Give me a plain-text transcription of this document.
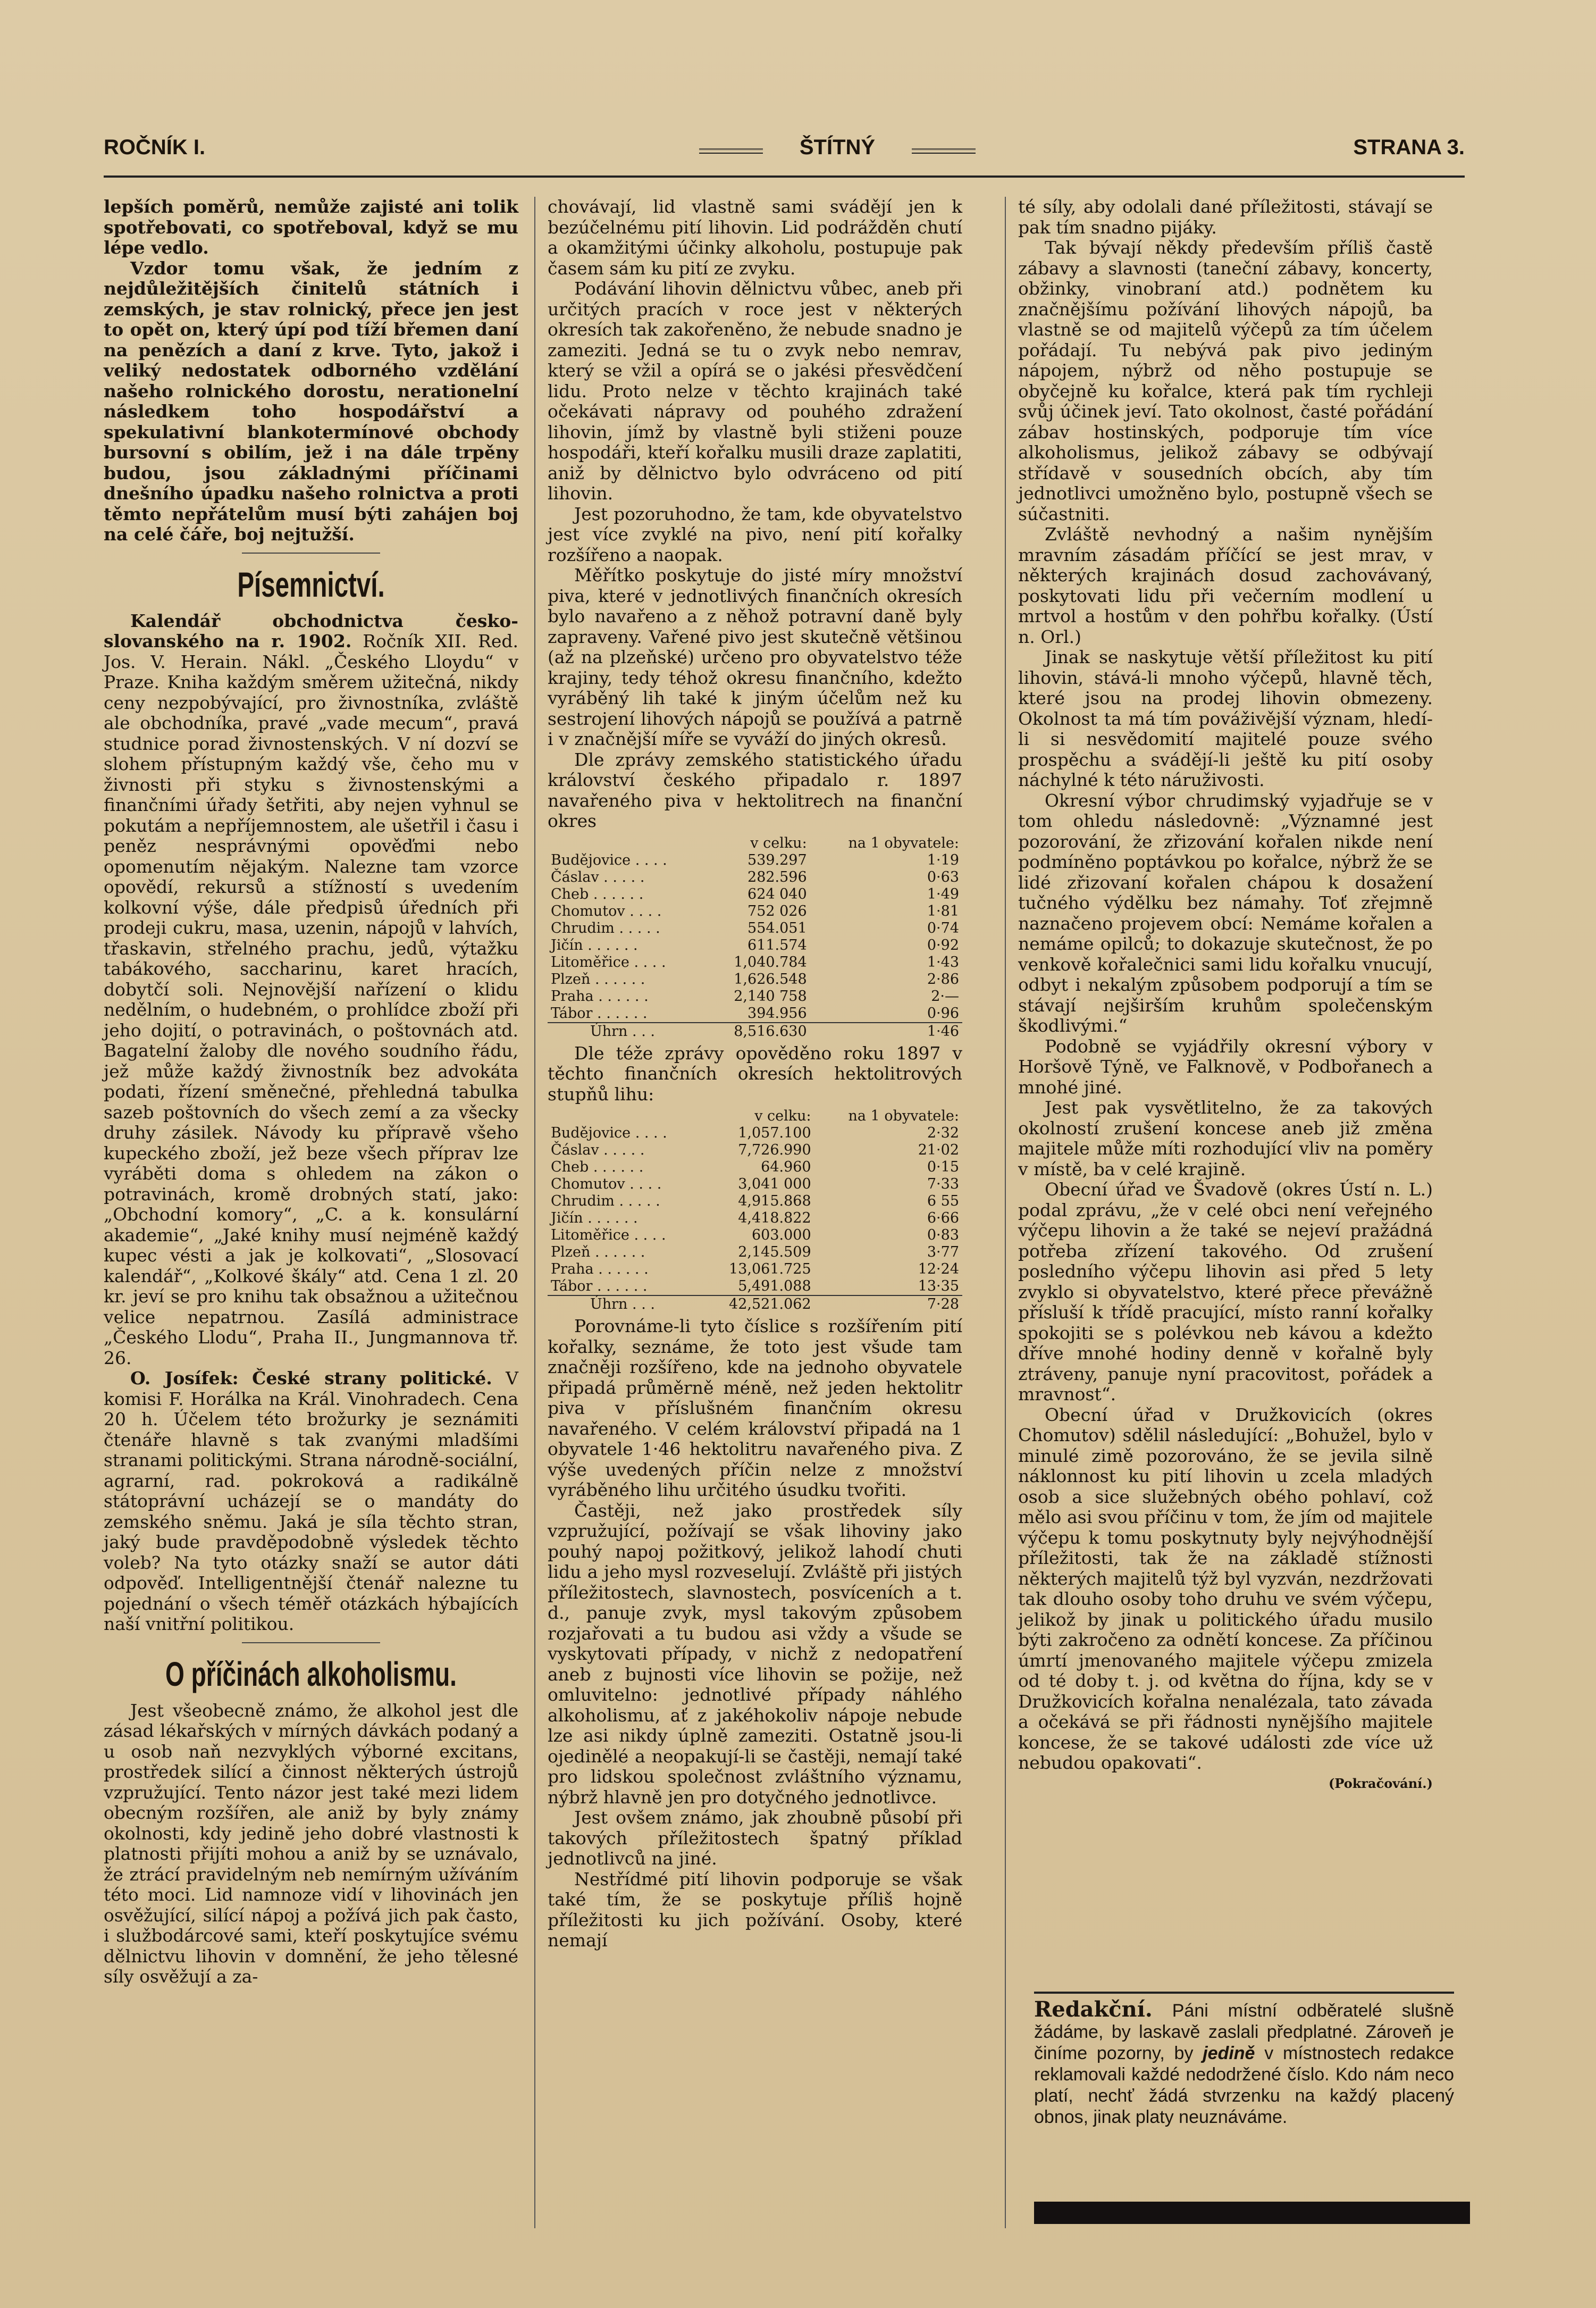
ROČNÍK I.	ŠTÍTNÝ	STRANA 3.

lepších poměrů, nemůže zajisté ani tolik spotřebovati, co spotřeboval, když se mu lépe vedlo.

Vzdor tomu však, že jedním z nejdůležitějších činitelů státních i zemských, je stav rolnický, přece jen jest to opět on, který úpí pod tíží břemen daní na penězích a daní z krve. Tyto, jakož i veliký nedostatek odborného vzdělání našeho rolnického dorostu, nerationelní následkem toho hospodářství a spekulativní blankotermínové obchody bursovní s obilím, jež i na dále trpěny budou, jsou základnými příčinami dnešního úpadku našeho rolnictva a proti těmto nepřátelům musí býti zahájen boj na celé čáře, boj nejtužší.

Písemnictví.

Kalendář obchodnictva česko-slovanského na r. 1902. Ročník XII. Red. Jos. V. Herain. Nákl. „Českého Lloydu“ v Praze. Kniha každým směrem užitečná, nikdy ceny nezpobývající, pro živnostníka, zvláště ale obchodníka, pravé „vade mecum“, pravá studnice porad živnostenských. V ní dozví se slohem přístupným každý vše, čeho mu v živnosti při styku s živnostenskými a finančními úřady šetřiti, aby nejen vyhnul se pokutám a nepříjemnostem, ale ušetřil i času i peněz nesprávnými opověďmi nebo opomenutím nějakým. Nalezne tam vzorce opovědí, rekursů a stížností s uvedením kolkovní výše, dále předpisů úředních při prodeji cukru, masa, uzenin, nápojů v lahvích, třaskavin, střelného prachu, jedů, výtažku tabákového, saccharinu, karet hracích, dobytčí soli. Nejnovější nařízení o klidu nedělním, o hudebném, o prohlídce zboží při jeho dojití, o potravinách, o poštovnách atd. Bagatelní žaloby dle nového soudního řádu, jež může každý živnostník bez advokáta podati, řízení směnečné, přehledná tabulka sazeb poštovních do všech zemí a za všecky druhy zásilek. Návody ku přípravě všeho kupeckého zboží, jež beze všech příprav lze vyráběti doma s ohledem na zákon o potravinách, kromě drobných statí, jako: „Obchodní komory“, „C. a k. konsulární akademie“, „Jaké knihy musí nejméně každý kupec vésti a jak je kolkovati“, „Slosovací kalendář“, „Kolkové škály“ atd. Cena 1 zl. 20 kr. jeví se pro knihu tak obsažnou a užitečnou velice nepatrnou. Zasílá administrace „Českého Llodu“, Praha II., Jungmannova tř. 26.

O. Josífek: České strany politické. V komisi F. Horálka na Král. Vinohradech. Cena 20 h. Účelem této brožurky je seznámiti čtenáře hlavně s tak zvanými mladšími stranami politickými. Strana národně-sociální, agrarní, rad. pokroková a radikálně státoprávní ucházejí se o mandáty do zemského sněmu. Jaká je síla těchto stran, jaký bude pravděpodobně výsledek těchto voleb? Na tyto otázky snaží se autor dáti odpověď. Intelligentnější čtenář nalezne tu pojednání o všech téměř otázkách hýbajících naší vnitřní politikou.

O příčinách alkoholismu.

Jest všeobecně známo, že alkohol jest dle zásad lékařských v mírných dávkách podaný a u osob naň nezvyklých výborné excitans, prostředek silící a činnost některých ústrojů vzpružující. Tento názor jest také mezi lidem obecným rozšířen, ale aniž by byly známy okolnosti, kdy jedině jeho dobré vlastnosti k platnosti přijíti mohou a aniž by se uznávalo, že ztrácí pravidelným neb nemírným užíváním této moci. Lid namnoze vidí v lihovinách jen osvěžující, silící nápoj a požívá jich pak často, i službodárcové sami, kteří poskytujíce svému dělnictvu lihovin v domnění, že jeho tělesné síly osvěžují a za-

chovávají, lid vlastně sami svádějí jen k bezúčelnému pití lihovin. Lid podrážděn chutí a okamžitými účinky alkoholu, postupuje pak časem sám ku pití ze zvyku.

Podávání lihovin dělnictvu vůbec, aneb při určitých pracích v roce jest v některých okresích tak zakořeněno, že nebude snadno je zameziti. Jedná se tu o zvyk nebo nemrav, který se vžil a opírá se o jakési přesvědčení lidu. Proto nelze v těchto krajinách také očekávati nápravy od pouhého zdražení lihovin, jímž by vlastně byli stiženi pouze hospodáři, kteří kořalku musili draze zaplatiti, aniž by dělnictvo bylo odvráceno od pití lihovin.

Jest pozoruhodno, že tam, kde obyvatelstvo jest více zvyklé na pivo, není pití kořalky rozšířeno a naopak.

Měřítko poskytuje do jisté míry množství piva, které v jednotlivých finančních okresích bylo navařeno a z něhož potravní daně byly zapraveny. Vařené pivo jest skutečně většinou (až na plzeňské) určeno pro obyvatelstvo téže krajiny, tedy téhož okresu finančního, kdežto vyráběný lih také k jiným účelům než ku sestrojení lihových nápojů se používá a patrně i v značnější míře se vyváží do jiných okresů.

Dle zprávy zemského statistického úřadu království českého připadalo r. 1897 navařeného piva v hektolitrech na finanční okres

	v celku:	na 1 obyvatele:
Budějovice . . . .	539.297	1·19
Čáslav . . . . .	282.596	0·63
Cheb . . . . . .	624 040	1·49
Chomutov . . . .	752 026	1·81
Chrudim . . . . .	554.051	0·74
Jičín . . . . . .	611.574	0·92
Litoměřice . . . .	1,040.784	1·43
Plzeň . . . . . .	1,626.548	2·86
Praha . . . . . .	2,140 758	2·—
Tábor . . . . . .	394.956	0·96
Úhrn . . .	8,516.630	1·46

Dle téže zprávy opověděno roku 1897 v těchto finančních okresích hektolitrových stupňů lihu:

	v celku:	na 1 obyvatele:
Budějovice . . . .	1,057.100	2·32
Čáslav . . . . .	7,726.990	21·02
Cheb . . . . . .	64.960	0·15
Chomutov . . . .	3,041 000	7·33
Chrudim . . . . .	4,915.868	6 55
Jičín . . . . . .	4,418.822	6·66
Litoměřice . . . .	603.000	0·83
Plzeň . . . . . .	2,145.509	3·77
Praha . . . . . .	13,061.725	12·24
Tábor . . . . . .	5,491.088	13·35
Úhrn . . .	42,521.062	7·28

Porovnáme-li tyto číslice s rozšířením pití kořalky, seznáme, že toto jest všude tam značněji rozšířeno, kde na jednoho obyvatele připadá průměrně méně, než jeden hektolitr piva v příslušném finančním okresu navařeného. V celém království připadá na 1 obyvatele 1·46 hektolitru navařeného piva. Z výše uvedených příčin nelze z množství vyráběného lihu určitého úsudku tvořiti.

Častěji, než jako prostředek síly vzpružující, požívají se však lihoviny jako pouhý napoj požitkový, jelikož lahodí chuti lidu a jeho mysl rozveselují. Zvláště při jistých příležitostech, slavnostech, posvíceních a t. d., panuje zvyk, mysl takovým způsobem rozjařovati a tu budou asi vždy a všude se vyskytovati případy, v nichž z nedopatření aneb z bujnosti více lihovin se požije, než omluvitelno: jednotlivé případy náhlého alkoholismu, ať z jakéhokoliv nápoje nebude lze asi nikdy úplně zameziti. Ostatně jsou-li ojedinělé a neopakují-li se častěji, nemají také pro lidskou společnost zvláštního významu, nýbrž hlavně jen pro dotyčného jednotlivce.

Jest ovšem známo, jak zhoubně působí při takových příležitostech špatný příklad jednotlivců na jiné.

Nestřídmé pití lihovin podporuje se však také tím, že se poskytuje příliš hojně příležitosti ku jich požívání. Osoby, které nemají

té síly, aby odolali dané příležitosti, stávají se pak tím snadno pijáky.

Tak bývají někdy především příliš častě zábavy a slavnosti (taneční zábavy, koncerty, obžinky, vinobraní atd.) podnětem ku značnějšímu požívání lihových nápojů, ba vlastně se od majitelů výčepů za tím účelem pořádají. Tu nebývá pak pivo jediným nápojem, nýbrž od něho postupuje se obyčejně ku kořalce, která pak tím rychleji svůj účinek jeví. Tato okolnost, časté pořádání zábav hostinských, podporuje tím více alkoholismus, jelikož zábavy se odbývají střídavě v sousedních obcích, aby tím jednotlivci umožněno bylo, postupně všech se súčastniti.

Zvláště nevhodný a našim nynějším mravním zásadám příčící se jest mrav, v některých krajinách dosud zachovávaný, poskytovati lidu při večerním modlení u mrtvol a hostům v den pohřbu kořalky. (Ústí n. Orl.)

Jinak se naskytuje větší příležitost ku pití lihovin, stává-li mnoho výčepů, hlavně těch, které jsou na prodej lihovin obmezeny. Okolnost ta má tím pováživější význam, hledí-li si nesvědomití majitelé pouze svého prospěchu a svádějí-li ještě ku pití osoby náchylné k této náruživosti.

Okresní výbor chrudimský vyjadřuje se v tom ohledu následovně: „Významné jest pozorování, že zřizování kořalen nikde není podmíněno poptávkou po kořalce, nýbrž že se lidé zřizovaní kořalen chápou k dosažení tučného výdělku bez námahy. Toť zřejmně naznačeno projevem obcí: Nemáme kořalen a nemáme opilců; to dokazuje skutečnost, že po venkově kořalečnici sami lidu kořalku vnucují, odbyt i nekalým způsobem podporují a tím se stávají nejširším kruhům společenským škodlivými.“

Podobně se vyjádřily okresní výbory v Horšově Týně, ve Falknově, v Podbořanech a mnohé jiné.

Jest pak vysvětlitelno, že za takových okolností zrušení koncese aneb již změna majitele může míti rozhodující vliv na poměry v místě, ba v celé krajině.

Obecní úřad ve Švadově (okres Ústí n. L.) podal zprávu, „že v celé obci není veřejného výčepu lihovin a že také se nejeví pražádná potřeba zřízení takového. Od zrušení posledního výčepu lihovin asi před 5 lety zvyklo si obyvatelstvo, které přece převážně přísluší k třídě pracující, místo ranní kořalky spokojiti se s polévkou neb kávou a kdežto dříve mnohé hodiny denně v kořalně byly ztráveny, panuje nyní pracovitost, pořádek a mravnost“.

Obecní úřad v Družkovicích (okres Chomutov) sdělil následující: „Bohužel, bylo v minulé zimě pozorováno, že se jevila silně náklonnost ku pití lihovin u zcela mladých osob a sice služebných obého pohlaví, což mělo asi svou příčinu v tom, že jím od majitele výčepu k tomu poskytnuty byly nejvýhodnější příležitosti, tak že na základě stížnosti některých majitelů týž byl vyzván, nezdržovati tak dlouho osoby toho druhu ve svém výčepu, jelikož by jinak u politického úřadu musilo býti zakročeno za odnětí koncese. Za příčinou úmrtí jmenovaného majitele výčepu zmizela od té doby t. j. od května do října, kdy se v Družkovicích kořalna nenalézala, tato závada a očekává se při řádnosti nynějšího majitele koncese, že se takové události zde více už nebudou opakovati“.

(Pokračování.)
Redakční. Páni místní odběratelé slušně žádáme, by laskavě zaslali předplatné. Zároveň je činíme pozorny, by jedině v místnostech redakce reklamovali každé nedodržené číslo. Kdo nám neco platí, nechť žádá stvrzenku na každý placený obnos, jinak platy neuznáváme.
